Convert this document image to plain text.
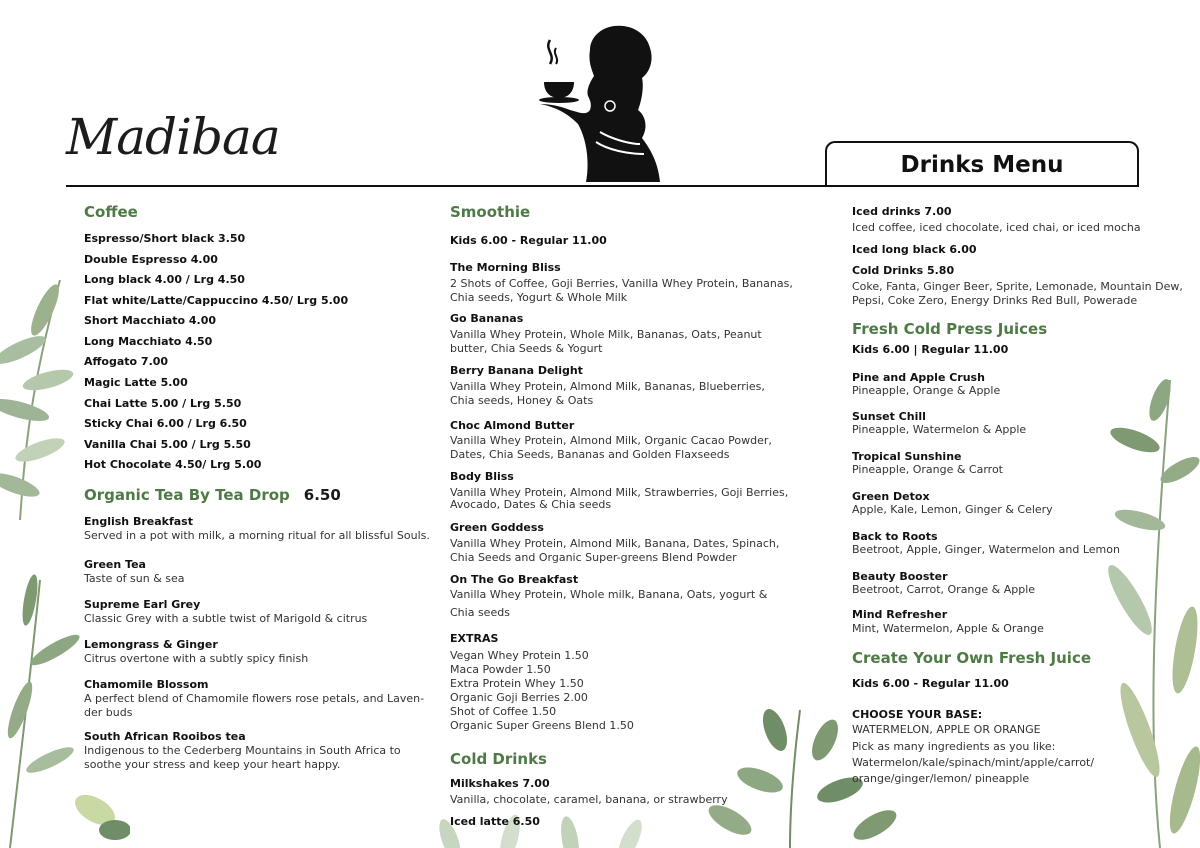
Madibaa	Drinks Menu
Coffee
Espresso/Short black 3.50
Double Espresso 4.00
Long black 4.00 / Lrg 4.50
Flat white/Latte/Cappuccino 4.50/ Lrg 5.00
Short Macchiato 4.00
Long Macchiato 4.50
Affogato 7.00
Magic Latte 5.00
Chai Latte 5.00 / Lrg 5.50
Sticky Chai 6.00 / Lrg 6.50
Vanilla Chai 5.00 / Lrg 5.50
Hot Chocolate 4.50/ Lrg 5.00
Organic Tea By Tea Drop 6.50
English Breakfast
Served in a pot with milk, a morning ritual for all blissful Souls.
Green Tea
Taste of sun & sea
Supreme Earl Grey
Classic Grey with a subtle twist of Marigold & citrus
Lemongrass & Ginger
Citrus overtone with a subtly spicy finish
Chamomile Blossom
A perfect blend of Chamomile flowers rose petals, and Laven-
der buds
South African Rooibos tea
Indigenous to the Cederberg Mountains in South Africa to
soothe your stress and keep your heart happy.
Smoothie
Kids 6.00 - Regular 11.00
The Morning Bliss
2 Shots of Coffee, Goji Berries, Vanilla Whey Protein, Bananas,
Chia seeds, Yogurt & Whole Milk
Go Bananas
Vanilla Whey Protein, Whole Milk, Bananas, Oats, Peanut
butter, Chia Seeds & Yogurt
Berry Banana Delight
Vanilla Whey Protein, Almond Milk, Bananas, Blueberries,
Chia seeds, Honey & Oats
Choc Almond Butter
Vanilla Whey Protein, Almond Milk, Organic Cacao Powder,
Dates, Chia Seeds, Bananas and Golden Flaxseeds
Body Bliss
Vanilla Whey Protein, Almond Milk, Strawberries, Goji Berries,
Avocado, Dates & Chia seeds
Green Goddess
Vanilla Whey Protein, Almond Milk, Banana, Dates, Spinach,
Chia Seeds and Organic Super-greens Blend Powder
On The Go Breakfast
Vanilla Whey Protein, Whole milk, Banana, Oats, yogurt &
Chia seeds
EXTRAS
Vegan Whey Protein 1.50
Maca Powder 1.50
Extra Protein Whey 1.50
Organic Goji Berries 2.00
Shot of Coffee 1.50
Organic Super Greens Blend 1.50
Cold Drinks
Milkshakes 7.00
Vanilla, chocolate, caramel, banana, or strawberry
Iced latte 6.50
Iced drinks 7.00
Iced coffee, iced chocolate, iced chai, or iced mocha
Iced long black 6.00
Cold Drinks 5.80
Coke, Fanta, Ginger Beer, Sprite, Lemonade, Mountain Dew,
Pepsi, Coke Zero, Energy Drinks Red Bull, Powerade
Fresh Cold Press Juices
Kids 6.00 | Regular 11.00
Pine and Apple Crush
Pineapple, Orange & Apple
Sunset Chill
Pineapple, Watermelon & Apple
Tropical Sunshine
Pineapple, Orange & Carrot
Green Detox
Apple, Kale, Lemon, Ginger & Celery
Back to Roots
Beetroot, Apple, Ginger, Watermelon and Lemon
Beauty Booster
Beetroot, Carrot, Orange & Apple
Mind Refresher
Mint, Watermelon, Apple & Orange
Create Your Own Fresh Juice
Kids 6.00 - Regular 11.00
CHOOSE YOUR BASE:
WATERMELON, APPLE OR ORANGE
Pick as many ingredients as you like:
Watermelon/kale/spinach/mint/apple/carrot/
orange/ginger/lemon/ pineapple
